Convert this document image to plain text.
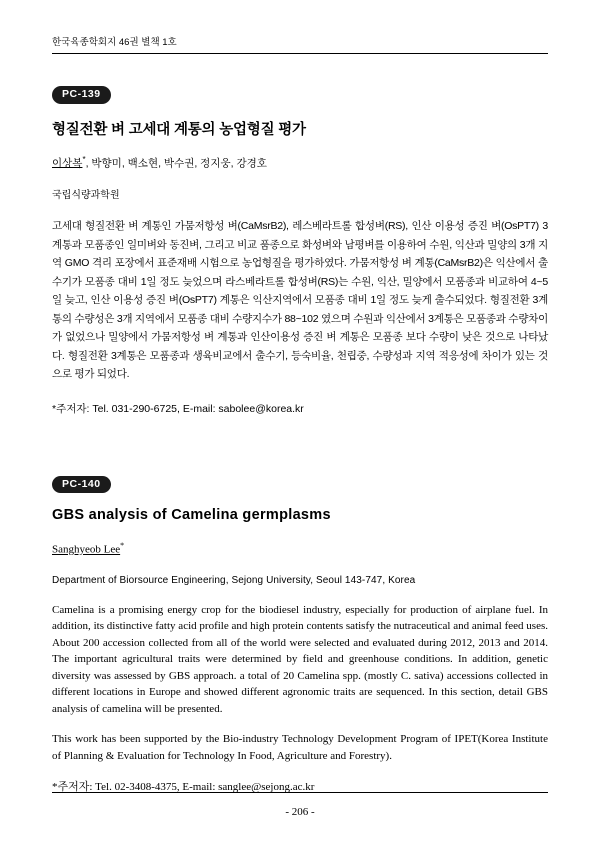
한국육종학회지 46권 별책 1호
PC-139
형질전환 벼 고세대 계통의 농업형질 평가
이상복*, 박향미, 백소현, 박수권, 정지웅, 강경호
국립식량과학원
고세대 형질전환 벼 계통인 가뭄저항성 벼(CaMsrB2), 레스베라트롤 합성벼(RS), 인산 이용성 증진 벼(OsPT7) 3계통과 모품종인 일미벼와 동진벼, 그리고 비교 품종으로 화성벼와 남평벼를 이용하여 수원, 익산과 밀양의 3개 지역 GMO 격리 포장에서 표준재배 시험으로 농업형질을 평가하였다. 가뭄저항성 벼 계통(CaMsrB2)은 익산에서 출수기가 모품종 대비 1일 정도 늦었으며 라스베라트롤 합성벼(RS)는 수원, 익산, 밀양에서 모품종과 비교하여 4~5일 늦고, 인산 이용성 증진 벼(OsPT7) 계통은 익산지역에서 모품종 대비 1일 정도 늦게 출수되었다. 형질전환 3계통의 수량성은 3개 지역에서 모품종 대비 수량지수가 88~102 였으며 수원과 익산에서 3계통은 모품종과 수량차이가 없었으나 밀양에서 가뭄저항성 벼 계통과 인산이용성 증진 벼 계통은 모품종 보다 수량이 낮은 것으로 나타났다. 형질전환 3계통은 모품종과 생육비교에서 출수기, 등숙비율, 천립중, 수량성과 지역 적응성에 차이가 있는 것으로 평가 되었다.
*주저자: Tel. 031-290-6725, E-mail: sabolee@korea.kr
PC-140
GBS analysis of Camelina germplasms
Sanghyeob Lee*
Department of Biorsource Engineering, Sejong University, Seoul 143-747, Korea
Camelina is a promising energy crop for the biodiesel industry, especially for production of airplane fuel. In addition, its distinctive fatty acid profile and high protein contents satisfy the nutraceutical and animal feed uses. About 200 accession collected from all of the world were selected and evaluated during 2012, 2013 and 2014. The important agricultural traits were determined by field and greenhouse conditions. In addition, genetic diversity was assessed by GBS approach. a total of 20 Camelina spp. (mostly C. sativa) accessions collected in different locations in Europe and showed different agronomic traits are sequenced. In this section, detail GBS analysis of camelina will be presented.
This work has been supported by the Bio-industry Technology Development Program of IPET(Korea Institute of Planning & Evaluation for Technology In Food, Agriculture and Forestry).
*주저자: Tel. 02-3408-4375, E-mail: sanglee@sejong.ac.kr
- 206 -
